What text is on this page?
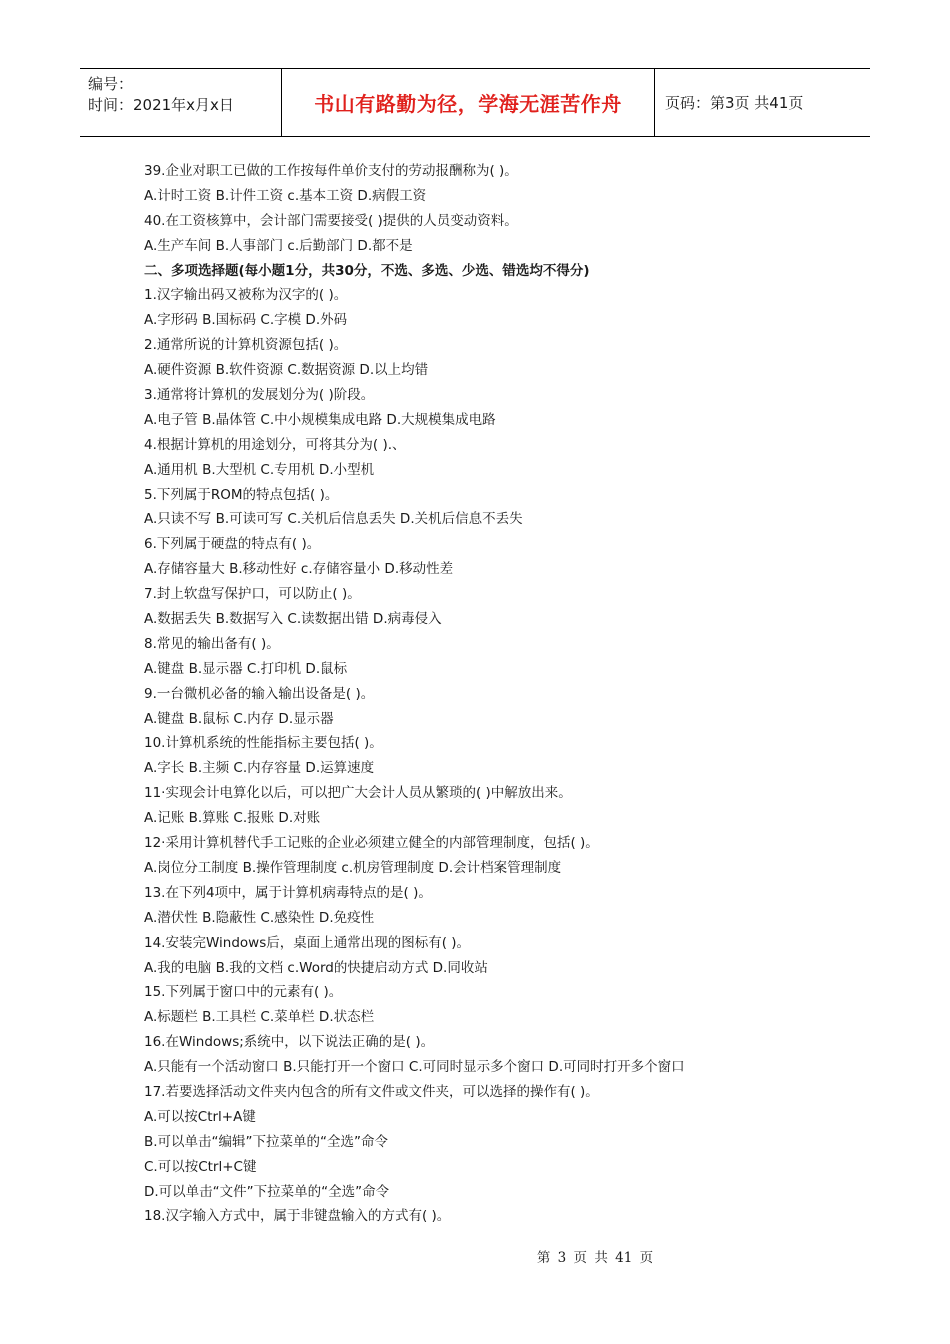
编号：
时间：2021年x月x日	书山有路勤为径，学海无涯苦作舟	页码：第3页 共41页
39.企业对职工已做的工作按每件单价支付的劳动报酬称为( )。
A.计时工资 B.计件工资 c.基本工资 D.病假工资
40.在工资核算中，会计部门需要接受( )提供的人员变动资料。
A.生产车间 B.人事部门 c.后勤部门 D.都不是
二、多项选择题(每小题1分，共30分，不选、多选、少选、错选均不得分)
1.汉字输出码又被称为汉字的( )。
A.字形码 B.国标码 C.字模 D.外码
2.通常所说的计算机资源包括( )。
A.硬件资源 B.软件资源 C.数据资源 D.以上均错
3.通常将计算机的发展划分为( )阶段。
A.电子管 B.晶体管 C.中小规模集成电路 D.大规模集成电路
4.根据计算机的用途划分，可将其分为( ).、
A.通用机 B.大型机 C.专用机 D.小型机
5.下列属于ROM的特点包括( )。
A.只读不写 B.可读可写 C.关机后信息丢失 D.关机后信息不丢失
6.下列属于硬盘的特点有( )。
A.存储容量大 B.移动性好 c.存储容量小 D.移动性差
7.封上软盘写保护口，可以防止( )。
A.数据丢失 B.数据写入 C.读数据出错 D.病毒侵入
8.常见的输出备有( )。
A.键盘 B.显示器 C.打印机 D.鼠标
9.一台微机必备的输入输出设备是( )。
A.键盘 B.鼠标 C.内存 D.显示器
10.计算机系统的性能指标主要包括( )。
A.字长 B.主频 C.内存容量 D.运算速度
11·实现会计电算化以后，可以把广大会计人员从繁琐的( )中解放出来。
A.记账 B.算账 C.报账 D.对账
12·采用计算机替代手工记账的企业必须建立健全的内部管理制度，包括( )。
A.岗位分工制度 B.操作管理制度 c.机房管理制度 D.会计档案管理制度
13.在下列4项中，属于计算机病毒特点的是( )。
A.潜伏性 B.隐蔽性 C.感染性 D.免疫性
14.安装完Windows后，桌面上通常出现的图标有( )。
A.我的电脑 B.我的文档 c.Word的快捷启动方式 D.同收站
15.下列属于窗口中的元素有( )。
A.标题栏 B.工具栏 C.菜单栏 D.状态栏
16.在Windows;系统中，以下说法正确的是( )。
A.只能有一个活动窗口 B.只能打开一个窗口 C.可同时显示多个窗口 D.可同时打开多个窗口
17.若要选择活动文件夹内包含的所有文件或文件夹，可以选择的操作有( )。
A.可以按Ctrl+A键
B.可以单击“编辑”下拉菜单的“全选”命令
C.可以按Ctrl+C键
D.可以单击“文件”下拉菜单的“全选”命令
18.汉字输入方式中，属于非键盘输入的方式有( )。
第 3 页 共 41 页
